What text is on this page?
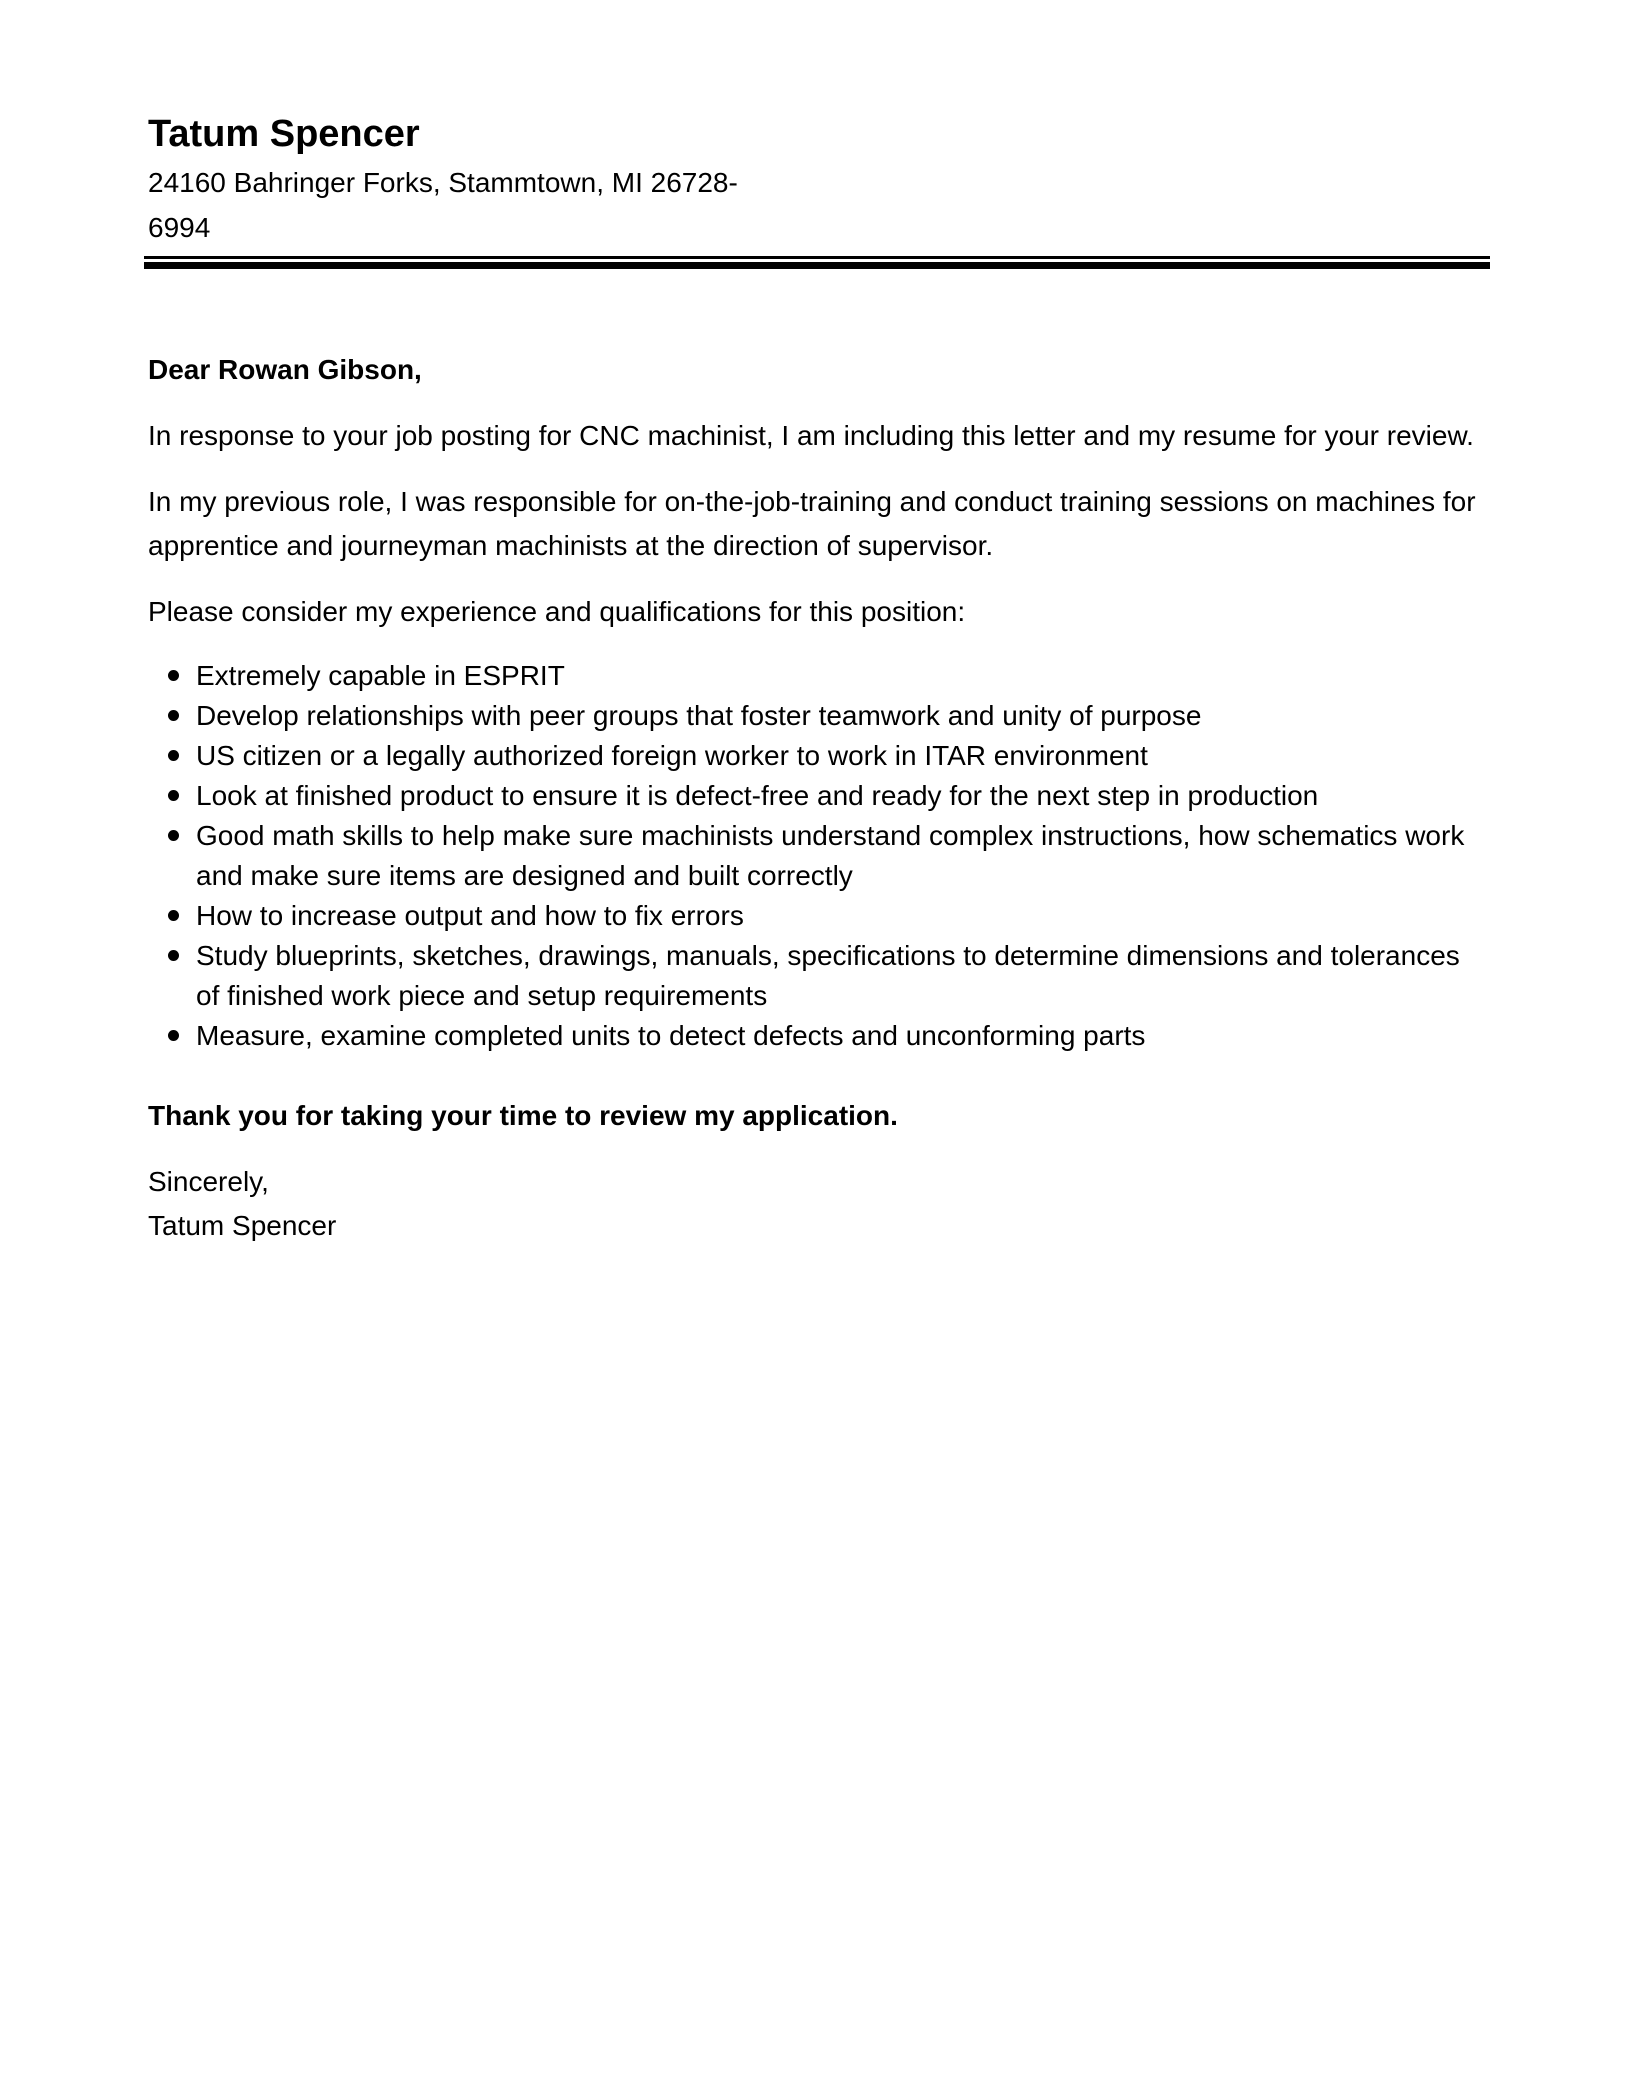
Tatum Spencer
24160 Bahringer Forks, Stammtown, MI 26728-
6994

Dear Rowan Gibson,

In response to your job posting for CNC machinist, I am including this letter and my resume for your review.

In my previous role, I was responsible for on-the-job-training and conduct training sessions on machines for apprentice and journeyman machinists at the direction of supervisor.

Please consider my experience and qualifications for this position:

Extremely capable in ESPRIT
Develop relationships with peer groups that foster teamwork and unity of purpose
US citizen or a legally authorized foreign worker to work in ITAR environment
Look at finished product to ensure it is defect-free and ready for the next step in production
Good math skills to help make sure machinists understand complex instructions, how schematics work and make sure items are designed and built correctly
How to increase output and how to fix errors
Study blueprints, sketches, drawings, manuals, specifications to determine dimensions and tolerances of finished work piece and setup requirements
Measure, examine completed units to detect defects and unconforming parts

Thank you for taking your time to review my application.

Sincerely,
Tatum Spencer
